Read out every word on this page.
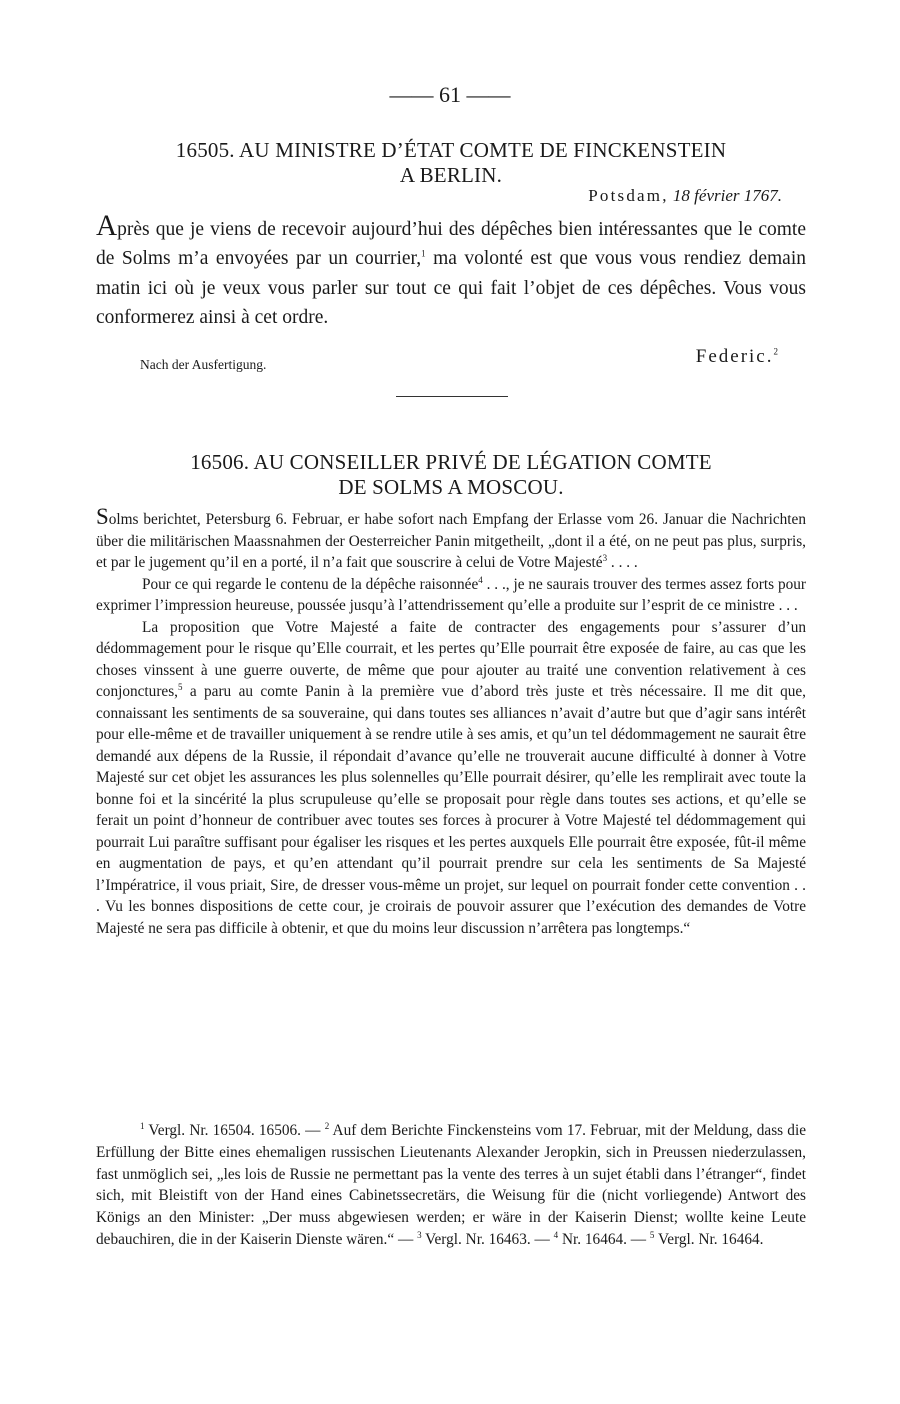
—— 61 ——
16505. AU MINISTRE D’ÉTAT COMTE DE FINCKENSTEIN
A BERLIN.
Potsdam, 18 février 1767.
Après que je viens de recevoir aujourd’hui des dépêches bien intéressantes que le comte de Solms m’a envoyées par un courrier,$^1$ ma volonté est que vous vous rendiez demain matin ici où je veux vous parler sur tout ce qui fait l’objet de ces dépêches. Vous vous conformerez ainsi à cet ordre.
Nach der Ausfertigung.	Federic.$^2$
16506. AU CONSEILLER PRIVÉ DE LÉGATION COMTE
DE SOLMS A MOSCOU.

Solms berichtet, Petersburg 6. Februar, er habe sofort nach Empfang der Erlasse vom 26. Januar die Nachrichten über die militärischen Maassnahmen der Oesterreicher Panin mitgetheilt, „dont il a été, on ne peut pas plus, surpris, et par le jugement qu’il en a porté, il n’a fait que souscrire à celui de Votre Majesté$^3$ . . . .

Pour ce qui regarde le contenu de la dépêche raisonnée$^4$ . . ., je ne saurais trouver des termes assez forts pour exprimer l’impression heureuse, poussée jusqu’à l’attendrissement qu’elle a produite sur l’esprit de ce ministre . . .

La proposition que Votre Majesté a faite de contracter des engagements pour s’assurer d’un dédommagement pour le risque qu’Elle courrait, et les pertes qu’Elle pourrait être exposée de faire, au cas que les choses vinssent à une guerre ouverte, de même que pour ajouter au traité une convention relativement à ces conjonctures,$^5$ a paru au comte Panin à la première vue d’abord très juste et très nécessaire. Il me dit que, connaissant les sentiments de sa souveraine, qui dans toutes ses alliances n’avait d’autre but que d’agir sans intérêt pour elle-même et de travailler uniquement à se rendre utile à ses amis, et qu’un tel dédommagement ne saurait être demandé aux dépens de la Russie, il répondait d’avance qu’elle ne trouverait aucune difficulté à donner à Votre Majesté sur cet objet les assurances les plus solennelles qu’Elle pourrait désirer, qu’elle les remplirait avec toute la bonne foi et la sincérité la plus scrupuleuse qu’elle se proposait pour règle dans toutes ses actions, et qu’elle se ferait un point d’honneur de contribuer avec toutes ses forces à procurer à Votre Majesté tel dédommagement qui pourrait Lui paraître suffisant pour égaliser les risques et les pertes auxquels Elle pourrait être exposée, fût-il même en augmentation de pays, et qu’en attendant qu’il pourrait prendre sur cela les sentiments de Sa Majesté l’Impératrice, il vous priait, Sire, de dresser vous-même un projet, sur lequel on pourrait fonder cette convention . . . Vu les bonnes dispositions de cette cour, je croirais de pouvoir assurer que l’exécution des demandes de Votre Majesté ne sera pas difficile à obtenir, et que du moins leur discussion n’arrêtera pas longtemps.“

$^1$ Vergl. Nr. 16504. 16506. — $^2$ Auf dem Berichte Finckensteins vom 17. Februar, mit der Meldung, dass die Erfüllung der Bitte eines ehemaligen russischen Lieutenants Alexander Jeropkin, sich in Preussen niederzulassen, fast unmöglich sei, „les lois de Russie ne permettant pas la vente des terres à un sujet établi dans l’étranger“, findet sich, mit Bleistift von der Hand eines Cabinetssecretärs, die Weisung für die (nicht vorliegende) Antwort des Königs an den Minister: „Der muss abgewiesen werden; er wäre in der Kaiserin Dienst; wollte keine Leute debauchiren, die in der Kaiserin Dienste wären.“ — $^3$ Vergl. Nr. 16463. — $^4$ Nr. 16464. — $^5$ Vergl. Nr. 16464.
